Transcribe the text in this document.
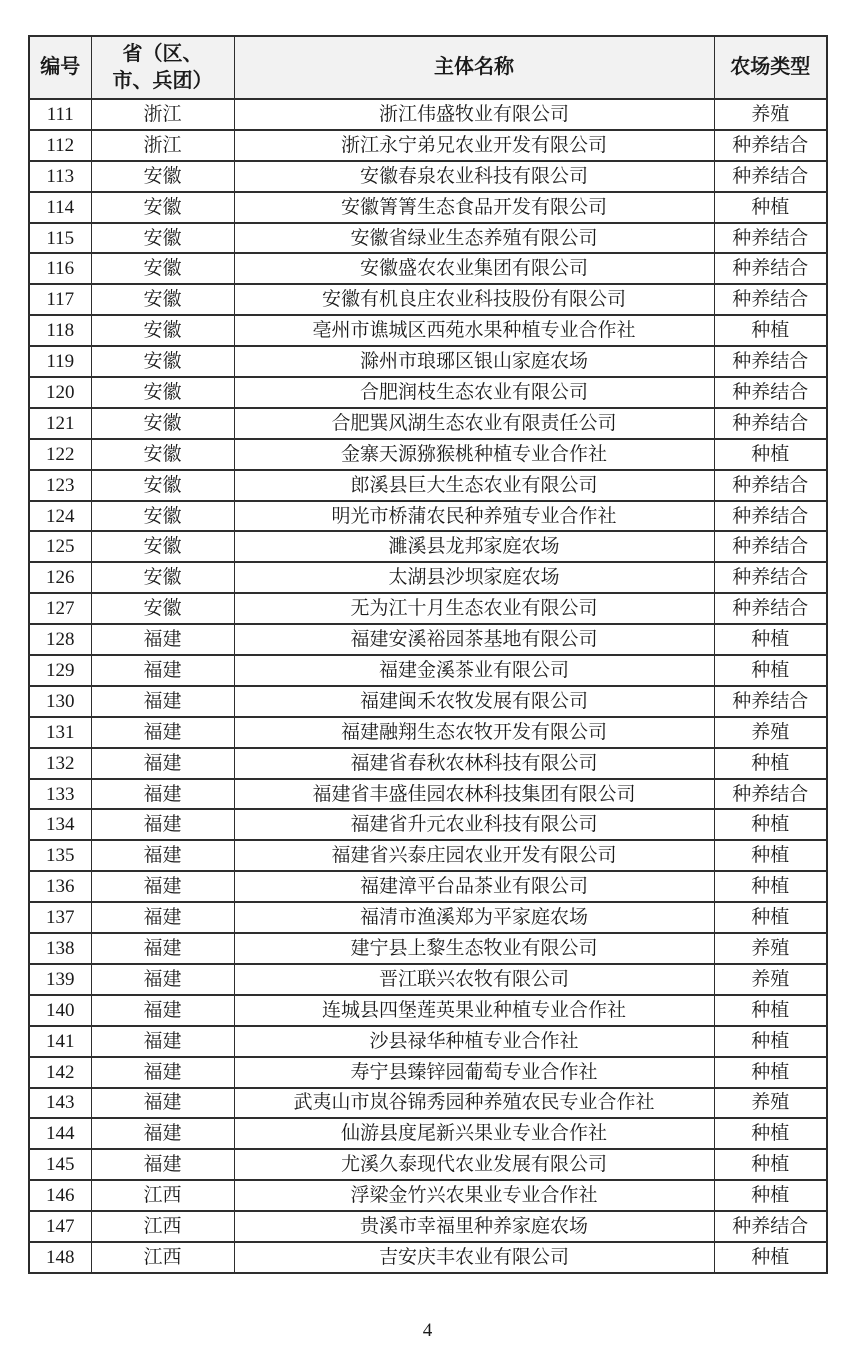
编号	省（区、
市、兵团）	主体名称	农场类型
111	浙江	浙江伟盛牧业有限公司	养殖
112	浙江	浙江永宁弟兄农业开发有限公司	种养结合
113	安徽	安徽春泉农业科技有限公司	种养结合
114	安徽	安徽箐箐生态食品开发有限公司	种植
115	安徽	安徽省绿业生态养殖有限公司	种养结合
116	安徽	安徽盛农农业集团有限公司	种养结合
117	安徽	安徽有机良庄农业科技股份有限公司	种养结合
118	安徽	亳州市谯城区西苑水果种植专业合作社	种植
119	安徽	滁州市琅琊区银山家庭农场	种养结合
120	安徽	合肥润枝生态农业有限公司	种养结合
121	安徽	合肥巽风湖生态农业有限责任公司	种养结合
122	安徽	金寨天源猕猴桃种植专业合作社	种植
123	安徽	郎溪县巨大生态农业有限公司	种养结合
124	安徽	明光市桥蒲农民种养殖专业合作社	种养结合
125	安徽	濉溪县龙邦家庭农场	种养结合
126	安徽	太湖县沙坝家庭农场	种养结合
127	安徽	无为江十月生态农业有限公司	种养结合
128	福建	福建安溪裕园茶基地有限公司	种植
129	福建	福建金溪茶业有限公司	种植
130	福建	福建闽禾农牧发展有限公司	种养结合
131	福建	福建融翔生态农牧开发有限公司	养殖
132	福建	福建省春秋农林科技有限公司	种植
133	福建	福建省丰盛佳园农林科技集团有限公司	种养结合
134	福建	福建省升元农业科技有限公司	种植
135	福建	福建省兴泰庄园农业开发有限公司	种植
136	福建	福建漳平台品茶业有限公司	种植
137	福建	福清市渔溪郑为平家庭农场	种植
138	福建	建宁县上黎生态牧业有限公司	养殖
139	福建	晋江联兴农牧有限公司	养殖
140	福建	连城县四堡莲英果业种植专业合作社	种植
141	福建	沙县禄华种植专业合作社	种植
142	福建	寿宁县臻锌园葡萄专业合作社	种植
143	福建	武夷山市岚谷锦秀园种养殖农民专业合作社	养殖
144	福建	仙游县度尾新兴果业专业合作社	种植
145	福建	尤溪久泰现代农业发展有限公司	种植
146	江西	浮梁金竹兴农果业专业合作社	种植
147	江西	贵溪市幸福里种养家庭农场	种养结合
148	江西	吉安庆丰农业有限公司	种植
4
